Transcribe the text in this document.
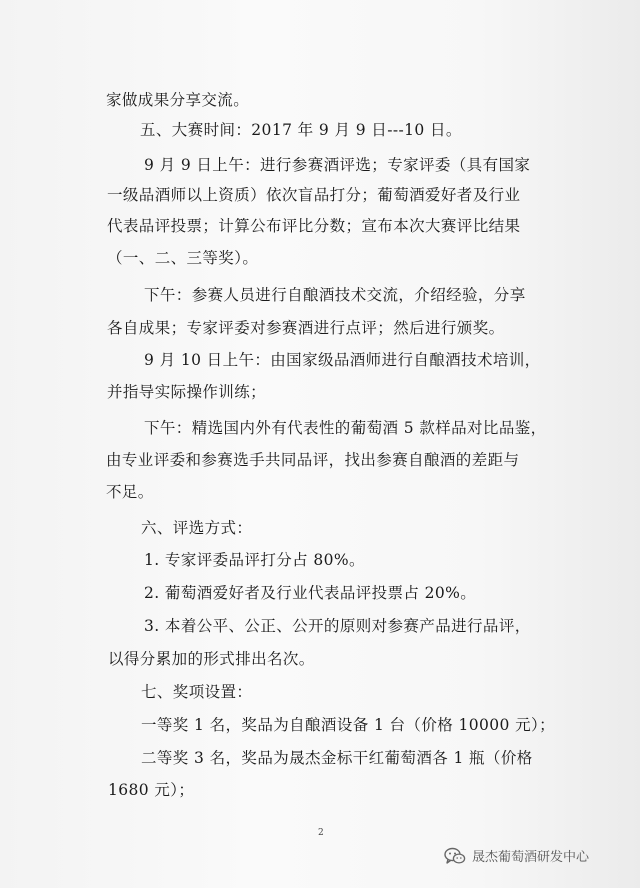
家做成果分享交流。
五、大赛时间：2017 年 9 月 9 日---10 日。
9 月 9 日上午：进行参赛酒评选；专家评委（具有国家
一级品酒师以上资质）依次盲品打分；葡萄酒爱好者及行业
代表品评投票；计算公布评比分数；宣布本次大赛评比结果
（一、二、三等奖）。
下午：参赛人员进行自酿酒技术交流，介绍经验，分享
各自成果；专家评委对参赛酒进行点评；然后进行颁奖。
9 月 10 日上午：由国家级品酒师进行自酿酒技术培训，
并指导实际操作训练；
下午：精选国内外有代表性的葡萄酒 5 款样品对比品鉴，
由专业评委和参赛选手共同品评，找出参赛自酿酒的差距与
不足。
六、评选方式：
1. 专家评委品评打分占 80%。
2. 葡萄酒爱好者及行业代表品评投票占 20%。
3. 本着公平、公正、公开的原则对参赛产品进行品评，
以得分累加的形式排出名次。
七、奖项设置：
一等奖 1 名，奖品为自酿酒设备 1 台（价格 10000 元）；
二等奖 3 名，奖品为晟杰金标干红葡萄酒各 1 瓶（价格
1680 元）；
2
晟杰葡萄酒研发中心
